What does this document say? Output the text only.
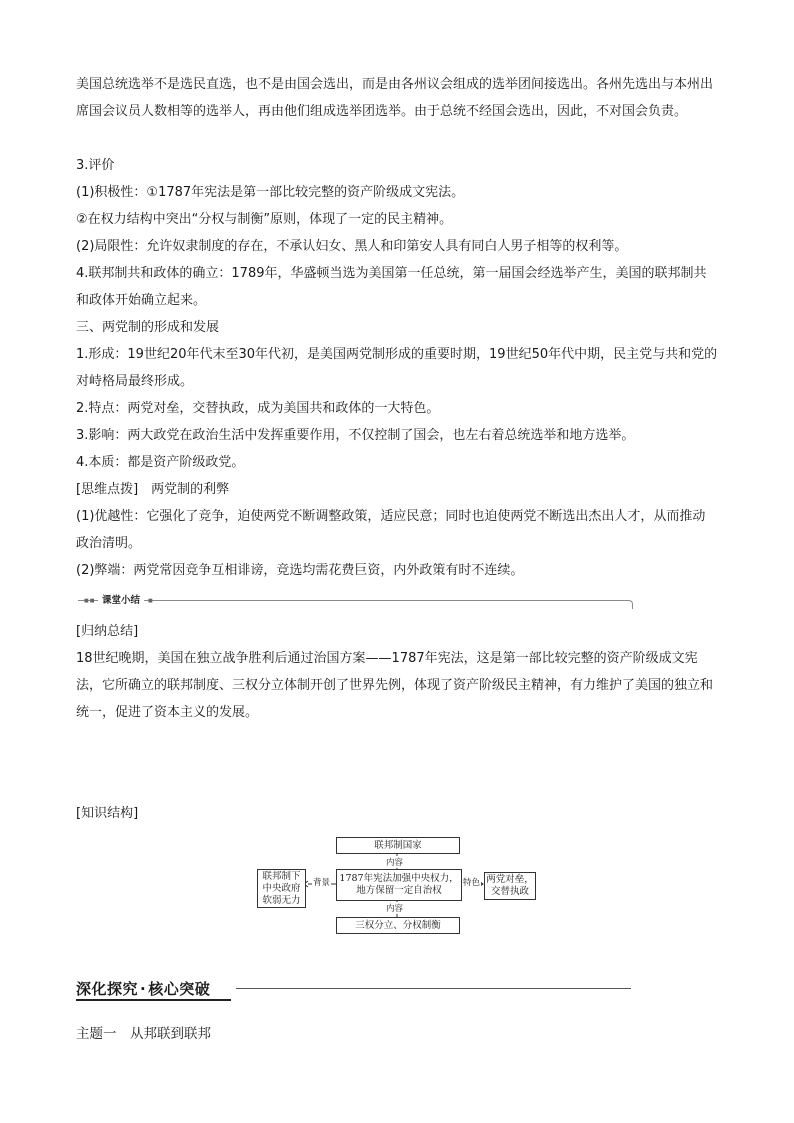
美国总统选举不是选民直选，也不是由国会选出，而是由各州议会组成的选举团间接选出。各州先选出与本州出席国会议员人数相等的选举人，再由他们组成选举团选举。由于总统不经国会选出，因此，不对国会负责。
3.评价
(1)积极性：①1787年宪法是第一部比较完整的资产阶级成文宪法。
②在权力结构中突出“分权与制衡”原则，体现了一定的民主精神。
(2)局限性：允许奴隶制度的存在，不承认妇女、黑人和印第安人具有同白人男子相等的权利等。
4.联邦制共和政体的确立：1789年，华盛顿当选为美国第一任总统，第一届国会经选举产生，美国的联邦制共和政体开始确立起来。
三、两党制的形成和发展
1.形成：19世纪20年代末至30年代初，是美国两党制形成的重要时期，19世纪50年代中期，民主党与共和党的对峙格局最终形成。
2.特点：两党对垒，交替执政，成为美国共和政体的一大特色。
3.影响：两大政党在政治生活中发挥重要作用，不仅控制了国会，也左右着总统选举和地方选举。
4.本质：都是资产阶级政党。
[思维点拨]　两党制的利弊
(1)优越性：它强化了竞争，迫使两党不断调整政策，适应民意；同时也迫使两党不断选出杰出人才，从而推动政治清明。
(2)弊端：两党常因竞争互相诽谤，竞选均需花费巨资，内外政策有时不连续。
■■ 课堂小结	■
[归纳总结]
18世纪晚期，美国在独立战争胜利后通过治国方案——1787年宪法，这是第一部比较完整的资产阶级成文宪法，它所确立的联邦制度、三权分立体制开创了世界先例，体现了资产阶级民主精神，有力维护了美国的独立和统一，促进了资本主义的发展。
[知识结构]
联邦制国家
内容
联邦制下中央政府软弱无力
背景 1787年宪法加强中央权力，地方保留一定自治权
特色 两党对垒，交替执政
内容
三权分立、分权制衡
深化探究 · 核心突破
主题一　从邦联到联邦
